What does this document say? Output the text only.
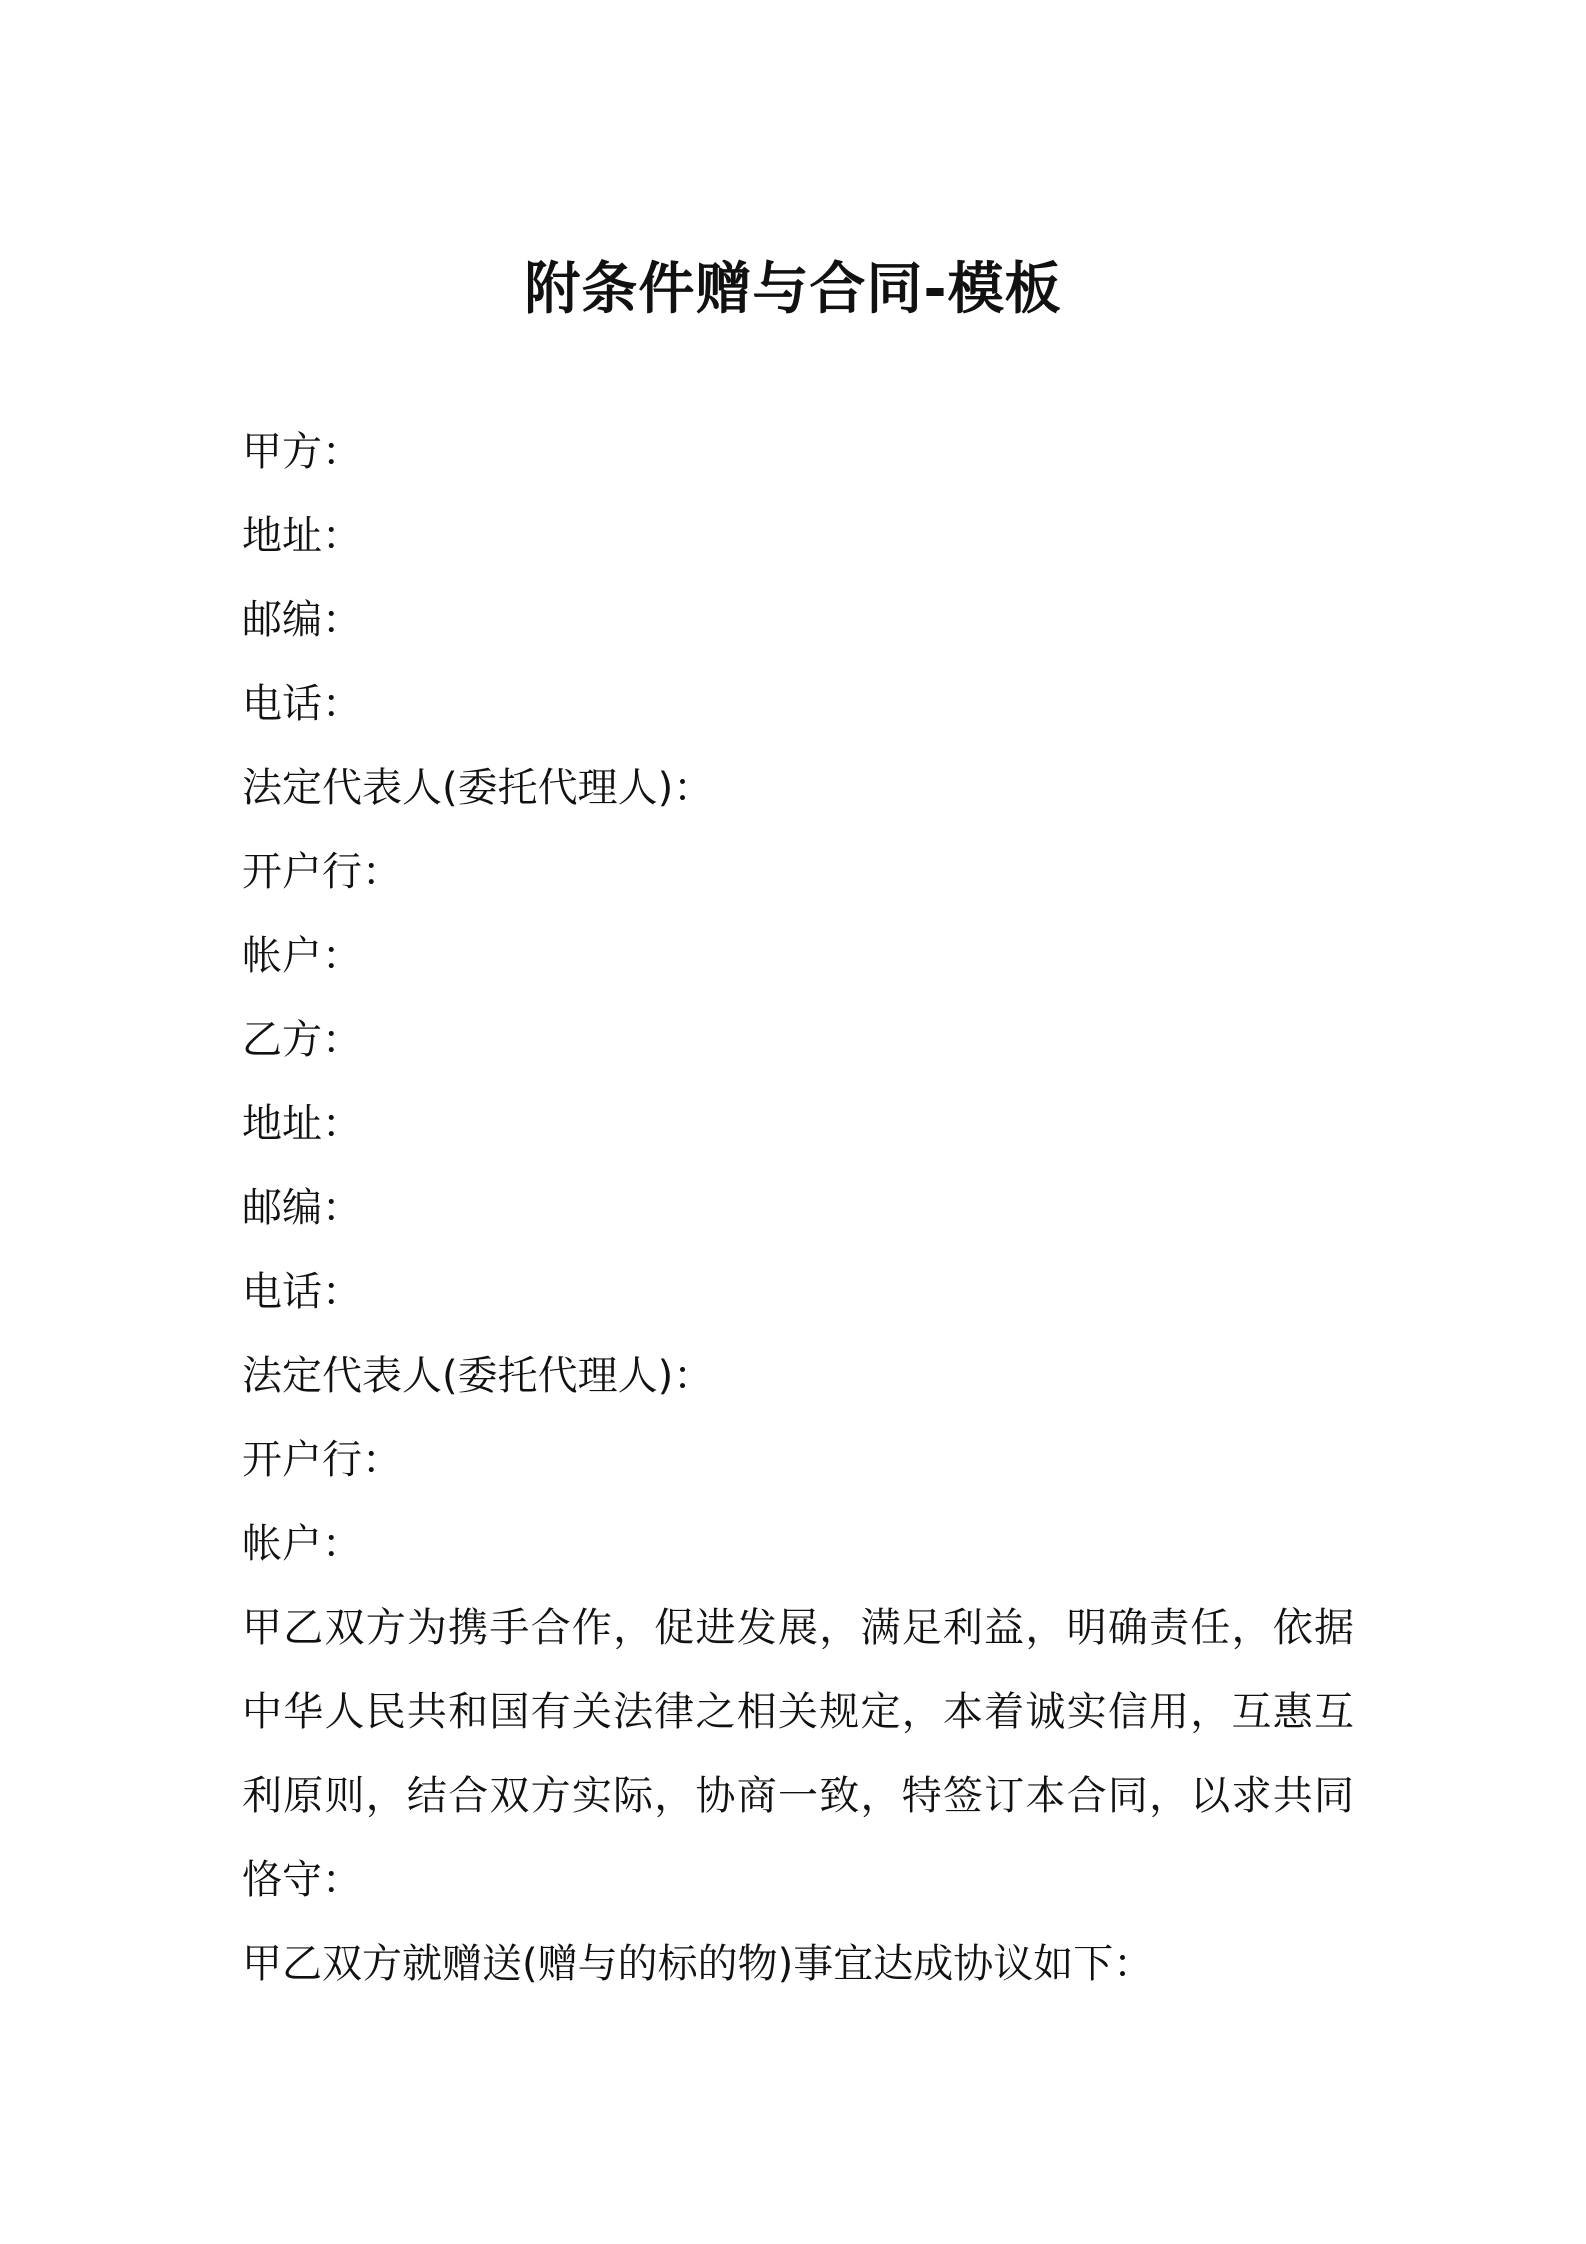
附条件赠与合同-模板
甲方：
地址：
邮编：
电话：
法定代表人(委托代理人)：
开户行：
帐户：
乙方：
地址：
邮编：
电话：
法定代表人(委托代理人)：
开户行：
帐户：

甲乙双方为携手合作，促进发展，满足利益，明确责任，依据中华人民共和国有关法律之相关规定，本着诚实信用，互惠互利原则，结合双方实际，协商一致，特签订本合同，以求共同恪守：

甲乙双方就赠送(赠与的标的物)事宜达成协议如下：
